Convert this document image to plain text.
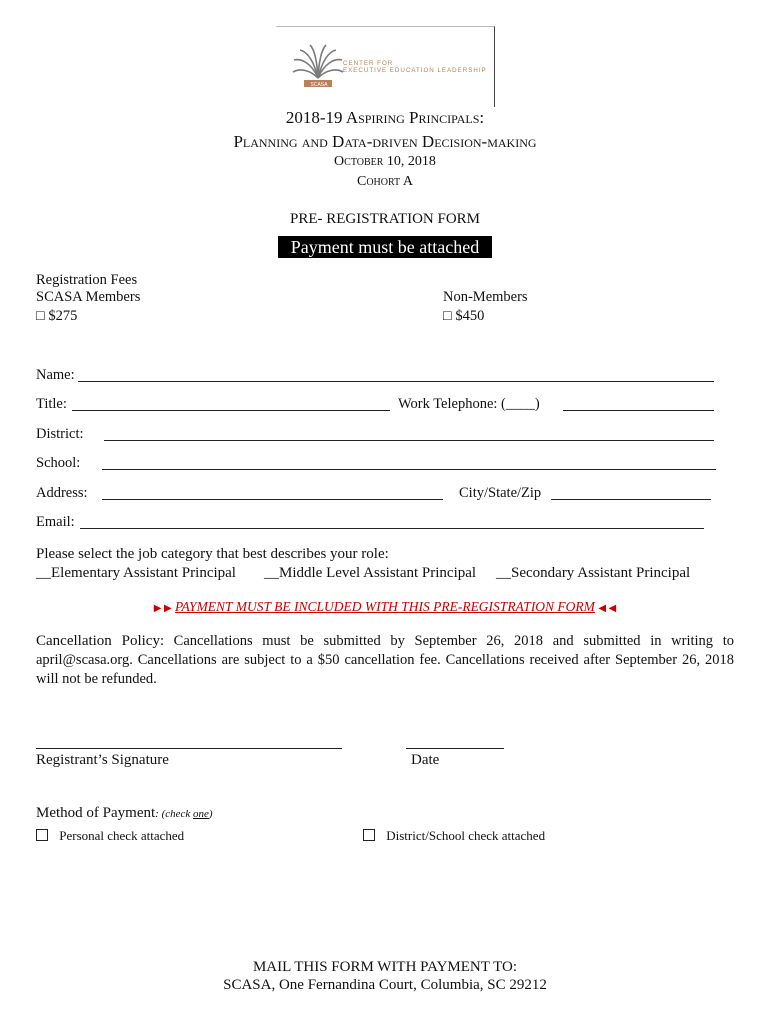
CENTER FOR
EXECUTIVE EDUCATION LEADERSHIP
SCASA
2018-19 Aspiring Principals:
Planning and Data-driven Decision-making
October 10, 2018
Cohort A
PRE- REGISTRATION FORM
Payment must be attached
Registration Fees
SCASA Members
□ $275
Non-Members
□ $450
Name:
Title:	Work Telephone: (____)
District:
School:
Address:	City/State/Zip
Email:
Please select the job category that best describes your role:
__Elementary Assistant Principal __Middle Level Assistant Principal __Secondary Assistant Principal
▶ ▶ PAYMENT MUST BE INCLUDED WITH THIS PRE-REGISTRATION FORM ◀ ◀
Cancellation Policy: Cancellations must be submitted by September 26, 2018 and submitted in writing to april@scasa.org. Cancellations are subject to a $50 cancellation fee. Cancellations received after September 26, 2018 will not be refunded.
Registrant’s Signature	Date
Method of Payment: (check one)
Personal check attached	District/School check attached
MAIL THIS FORM WITH PAYMENT TO:
SCASA, One Fernandina Court, Columbia, SC 29212
